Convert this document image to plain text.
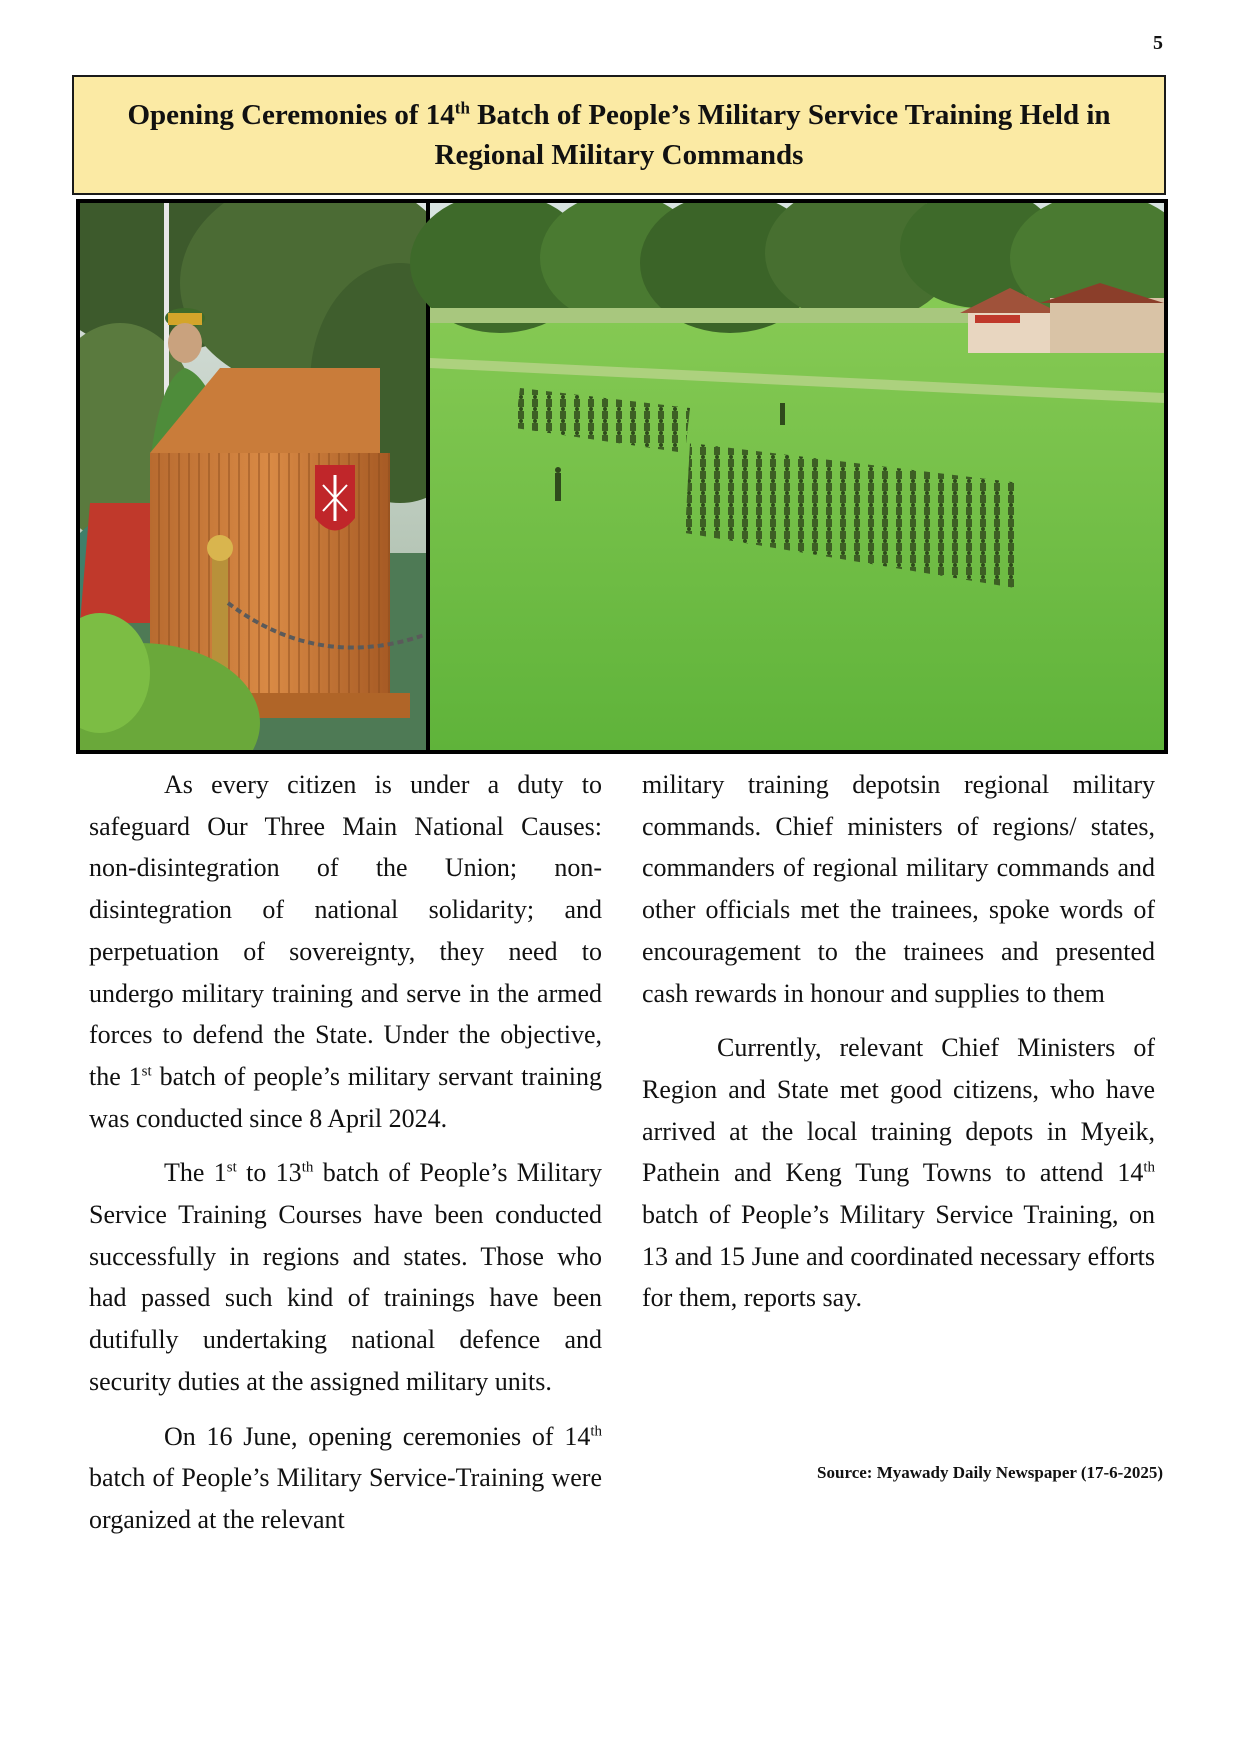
5
Opening Ceremonies of 14th Batch of People’s Military Service Training Held in Regional Military Commands

As every citizen is under a duty to safeguard Our Three Main National Causes: non-disintegration of the Union; non-disintegration of national solidarity; and perpetuation of sovereignty, they need to undergo military training and serve in the armed forces to defend the State. Under the objective, the 1st batch of people’s military servant training was conducted since 8 April 2024.

The 1st to 13th batch of People’s Military Service Training Courses have been conducted successfully in regions and states. Those who had passed such kind of trainings have been dutifully undertaking national defence and security duties at the assigned military units.

On 16 June, opening ceremonies of 14th batch of People’s Military Service-Training were organized at the relevant

military training depotsin regional military commands. Chief ministers of regions/ states, commanders of regional military commands and other officials met the trainees, spoke words of encouragement to the trainees and presented cash rewards in honour and supplies to them

Currently, relevant Chief Ministers of Region and State met good citizens, who have arrived at the local training depots in Myeik, Pathein and Keng Tung Towns to attend 14th batch of People’s Military Service Training, on 13 and 15 June and coordinated necessary efforts for them, reports say.

Source: Myawady Daily Newspaper (17-6-2025)
